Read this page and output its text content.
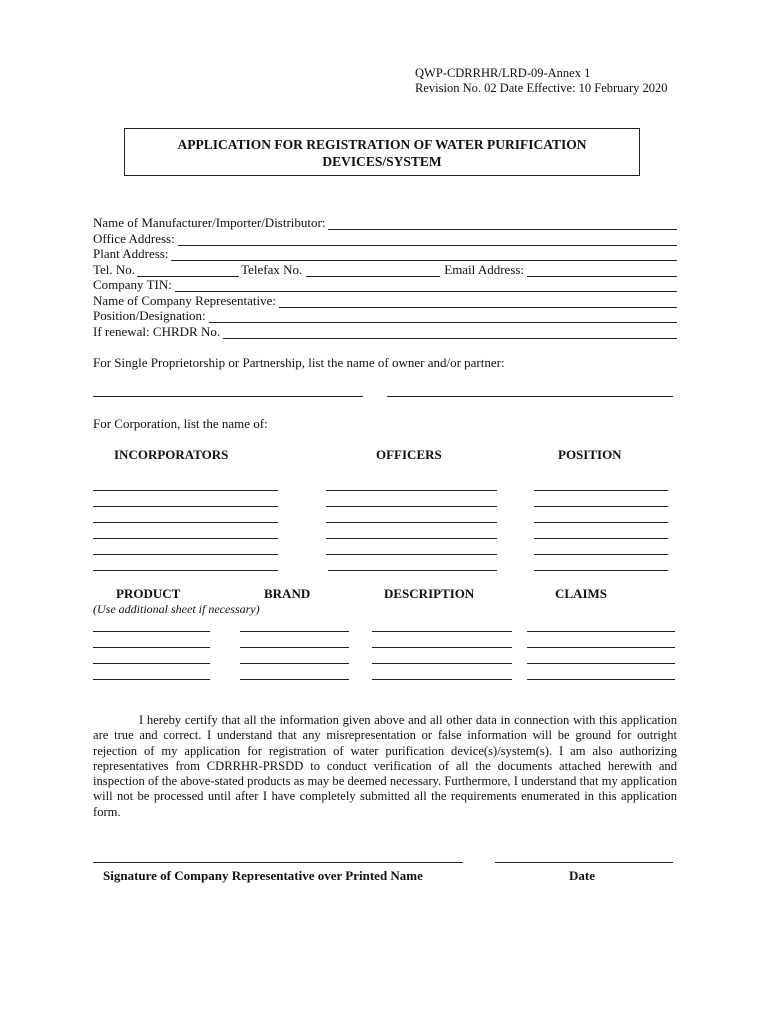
QWP-CDRRHR/LRD-09-Annex 1
Revision No. 02 Date Effective: 10 February 2020
APPLICATION FOR REGISTRATION OF WATER PURIFICATION
DEVICES/SYSTEM
Name of Manufacturer/Importer/Distributor:
Office Address:
Plant Address:
Tel. No.	Telefax No.	Email Address:
Company TIN:
Name of Company Representative:
Position/Designation:
If renewal: CHRDR No.
For Single Proprietorship or Partnership, list the name of owner and/or partner:
For Corporation, list the name of:
INCORPORATORS	OFFICERS	POSITION
PRODUCT	BRAND	DESCRIPTION	CLAIMS
(Use additional sheet if necessary)
I hereby certify that all the information given above and all other data in connection with this application are true and correct. I understand that any misrepresentation or false information will be ground for outright rejection of my application for registration of water purification device(s)/system(s). I am also authorizing representatives from CDRRHR-PRSDD to conduct verification of all the documents attached herewith and inspection of the above-stated products as may be deemed necessary. Furthermore, I understand that my application will not be processed until after I have completely submitted all the requirements enumerated in this application form.
Signature of Company Representative over Printed Name	Date
